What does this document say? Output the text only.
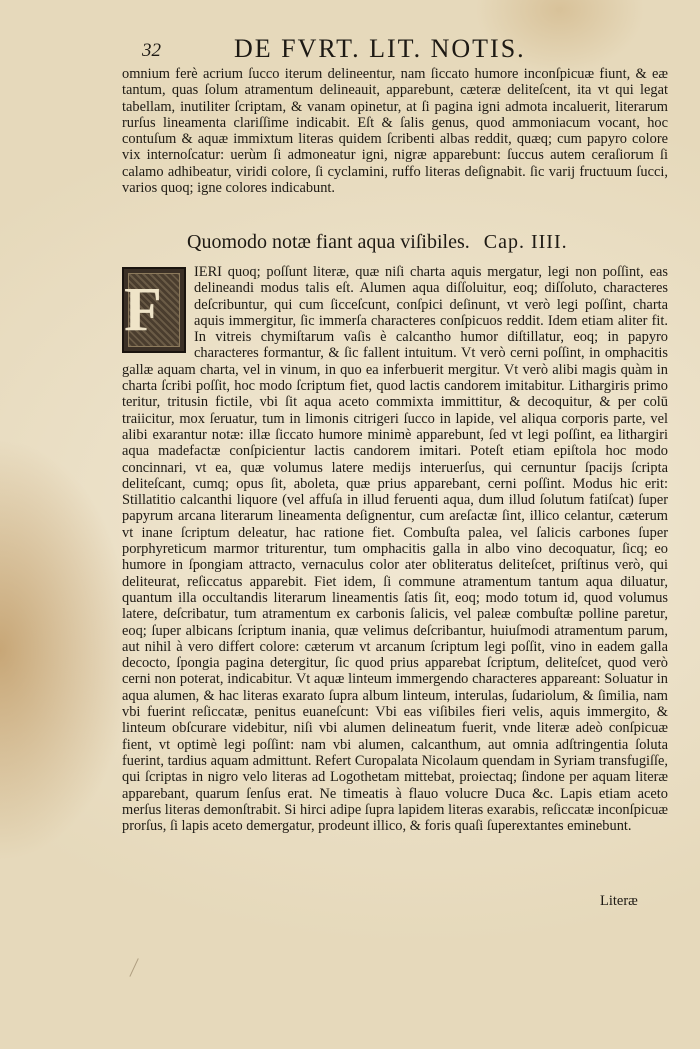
32	DE FVRT. LIT. NOTIS.
omnium ferè acrium ſucco iterum delineentur, nam ſiccato humore inconſpicuæ fiunt, & eæ tantum, quas ſolum atramentum delineauit, apparebunt, cæteræ deliteſcent, ita vt qui legat tabellam, inutiliter ſcriptam, & vanam opinetur, at ſi pagina igni admota incaluerit, literarum rurſus lineamenta clariſſime indicabit. Eſt & ſalis genus, quod ammoniacum vocant, hoc contuſum & aquæ immixtum literas quidem ſcribenti albas reddit, quæq; cum papyro colore vix internoſcatur: uerùm ſi admoneatur igni, nigræ apparebunt: ſuccus autem ceraſiorum ſi calamo adhibeatur, viridi colore, ſi cyclamini, ruffo literas deſignabit. ſic varij fructuum ſucci, varios quoq; igne colores indicabunt.
Quomodo notæ fiant aqua viſibiles. Cap. IIII.
F
IERI quoq; poſſunt literæ, quæ niſi charta aquis mergatur, legi non poſſint, eas delineandi modus talis eſt. Alumen aqua diſſoluitur, eoq; diſſoluto, characteres deſcribuntur, qui cum ſicceſcunt, conſpici deſinunt, vt verò legi poſſint, charta aquis immergitur, ſic immerſa characteres conſpicuos reddit. Idem etiam aliter fit. In vitreis chymiſtarum vaſis è calcantho humor diſtillatur, eoq; in papyro characteres formantur, & ſic fallent intuitum. Vt verò cerni poſſint, in omphacitis gallæ aquam charta, vel in vinum, in quo ea inferbuerit mergitur. Vt verò alibi magis quàm in charta ſcribi poſſit, hoc modo ſcriptum fiet, quod lactis candorem imitabitur. Lithargiris primo teritur, tritusin fictile, vbi ſit aqua aceto commixta immittitur, & decoquitur, & per colū traiicitur, mox ſeruatur, tum in limonis citrigeri ſucco in lapide, vel aliqua corporis parte, vel alibi exarantur notæ: illæ ſiccato humore minimè apparebunt, ſed vt legi poſſint, ea lithargiri aqua madefactæ conſpicientur lactis candorem imitari. Poteſt etiam epiſtola hoc modo concinnari, vt ea, quæ volumus latere medijs interuerſus, qui cernuntur ſpacijs ſcripta deliteſcant, cumq; opus ſit, aboleta, quæ prius apparebant, cerni poſſint. Modus hic erit: Stillatitio calcanthi liquore (vel affuſa in illud feruenti aqua, dum illud ſolutum fatiſcat) ſuper papyrum arcana literarum lineamenta deſignentur, cum areſactæ ſint, illico celantur, cæterum vt inane ſcriptum deleatur, hac ratione fiet. Combuſta palea, vel ſalicis carbones ſuper porphyreticum marmor triturentur, tum omphacitis galla in albo vino decoquatur, ſicq; eo humore in ſpongiam attracto, vernaculus color ater obliteratus deliteſcet, priſtinus verò, qui deliteurat, reſiccatus apparebit. Fiet idem, ſi commune atramentum tantum aqua diluatur, quantum illa occultandis literarum lineamentis ſatis ſit, eoq; modo totum id, quod volumus latere, deſcribatur, tum atramentum ex carbonis ſalicis, vel paleæ combuſtæ polline paretur, eoq; ſuper albicans ſcriptum inania, quæ velimus deſcribantur, huiuſmodi atramentum parum, aut nihil à vero differt colore: cæterum vt arcanum ſcriptum legi poſſit, vino in eadem galla decocto, ſpongia pagina detergitur, ſic quod prius apparebat ſcriptum, deliteſcet, quod verò cerni non poterat, indicabitur. Vt aquæ linteum immergendo characteres appareant: Soluatur in aqua alumen, & hac literas exarato ſupra album linteum, interulas, ſudariolum, & ſimilia, nam vbi fuerint reſiccatæ, penitus euaneſcunt: Vbi eas viſibiles fieri velis, aquis immergito, & linteum obſcurare videbitur, niſi vbi alumen delineatum fuerit, vnde literæ adeò conſpicuæ fient, vt optimè legi poſſint: nam vbi alumen, calcanthum, aut omnia adſtringentia ſoluta fuerint, tardius aquam admittunt. Refert Curopalata Nicolaum quendam in Syriam transfugiſſe, qui ſcriptas in nigro velo literas ad Logothetam mittebat, proiectaq; ſindone per aquam literæ apparebant, quarum ſenſus erat. Ne timeatis à flauo volucre Duca &c. Lapis etiam aceto merſus literas demonſtrabit. Si hirci adipe ſupra lapidem literas exarabis, reſiccatæ inconſpicuæ prorſus, ſi lapis aceto demergatur, prodeunt illico, & foris quaſi ſuperextantes eminebunt.
Literæ
